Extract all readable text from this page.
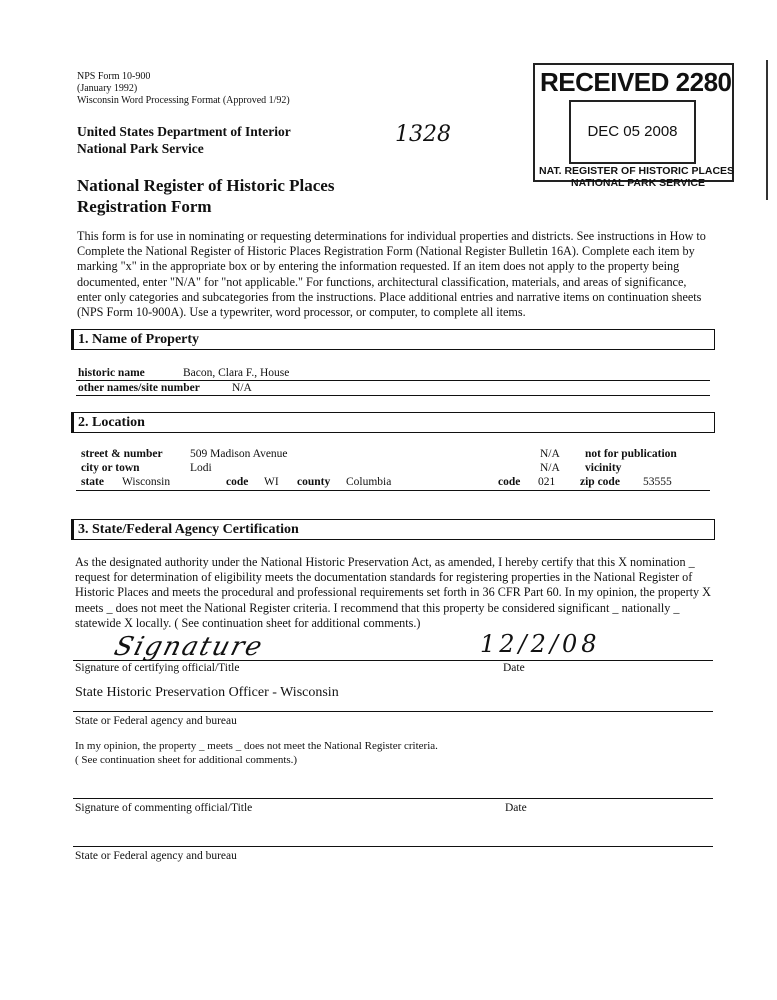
NPS Form 10-900
(January 1992)
Wisconsin Word Processing Format (Approved 1/92)
United States Department of Interior
National Park Service
1328
National Register of Historic Places
Registration Form
RECEIVED 2280
DEC 05 2008
NAT. REGISTER OF HISTORIC PLACES
NATIONAL PARK SERVICE
This form is for use in nominating or requesting determinations for individual properties and districts. See instructions in How to Complete the National Register of Historic Places Registration Form (National Register Bulletin 16A). Complete each item by marking "x" in the appropriate box or by entering the information requested. If an item does not apply to the property being documented, enter "N/A" for "not applicable." For functions, architectural classification, materials, and areas of significance, enter only categories and subcategories from the instructions. Place additional entries and narrative items on continuation sheets (NPS Form 10-900A). Use a typewriter, word processor, or computer, to complete all items.
1. Name of Property
historic name	Bacon, Clara F., House
other names/site number	N/A
2. Location
street & number 509 Madison Avenue	N/A not for publication
city or town	Lodi	N/A vicinity
state Wisconsin	code WI county Columbia	code 021 zip code 53555
3. State/Federal Agency Certification
As the designated authority under the National Historic Preservation Act, as amended, I hereby certify that this X nomination _ request for determination of eligibility meets the documentation standards for registering properties in the National Register of Historic Places and meets the procedural and professional requirements set forth in 36 CFR Part 60. In my opinion, the property X meets _ does not meet the National Register criteria. I recommend that this property be considered significant _ nationally _ statewide X locally. ( See continuation sheet for additional comments.)
Signature	12/2/08
Signature of certifying official/Title	Date
State Historic Preservation Officer - Wisconsin
State or Federal agency and bureau
In my opinion, the property _ meets _ does not meet the National Register criteria.
( See continuation sheet for additional comments.)
Signature of commenting official/Title	Date
State or Federal agency and bureau
